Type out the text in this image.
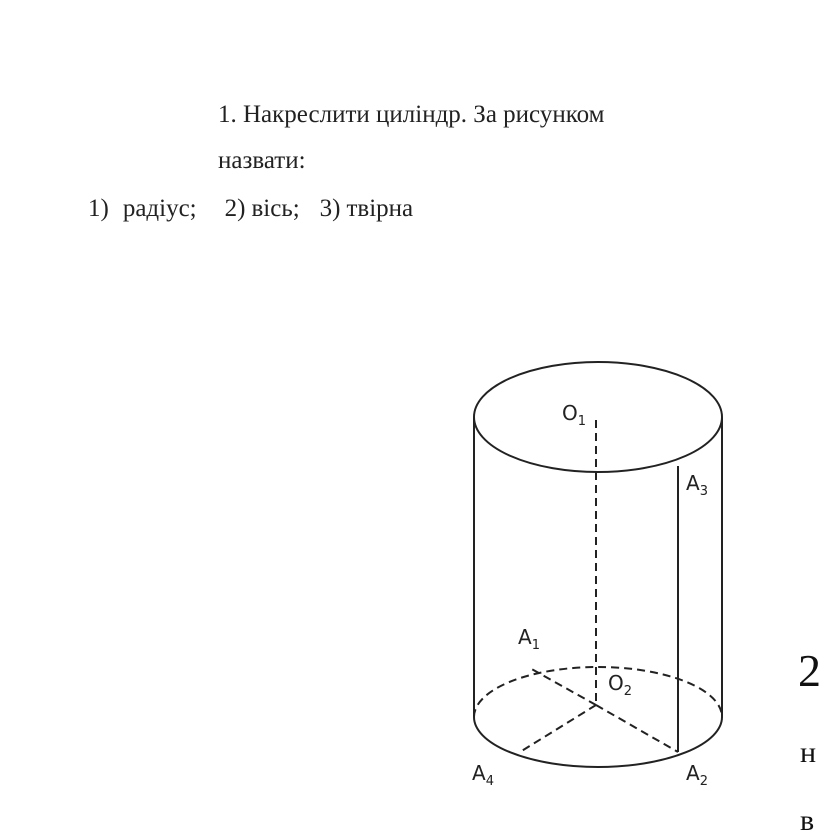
1. Накреслити циліндр. За рисунком
назвати:
1) радіус; 2) вісь; 3) твірна
2
н
в
$O_1$
$A_3$
$A_1$
$O_2$
$A_4$	$A_2$
